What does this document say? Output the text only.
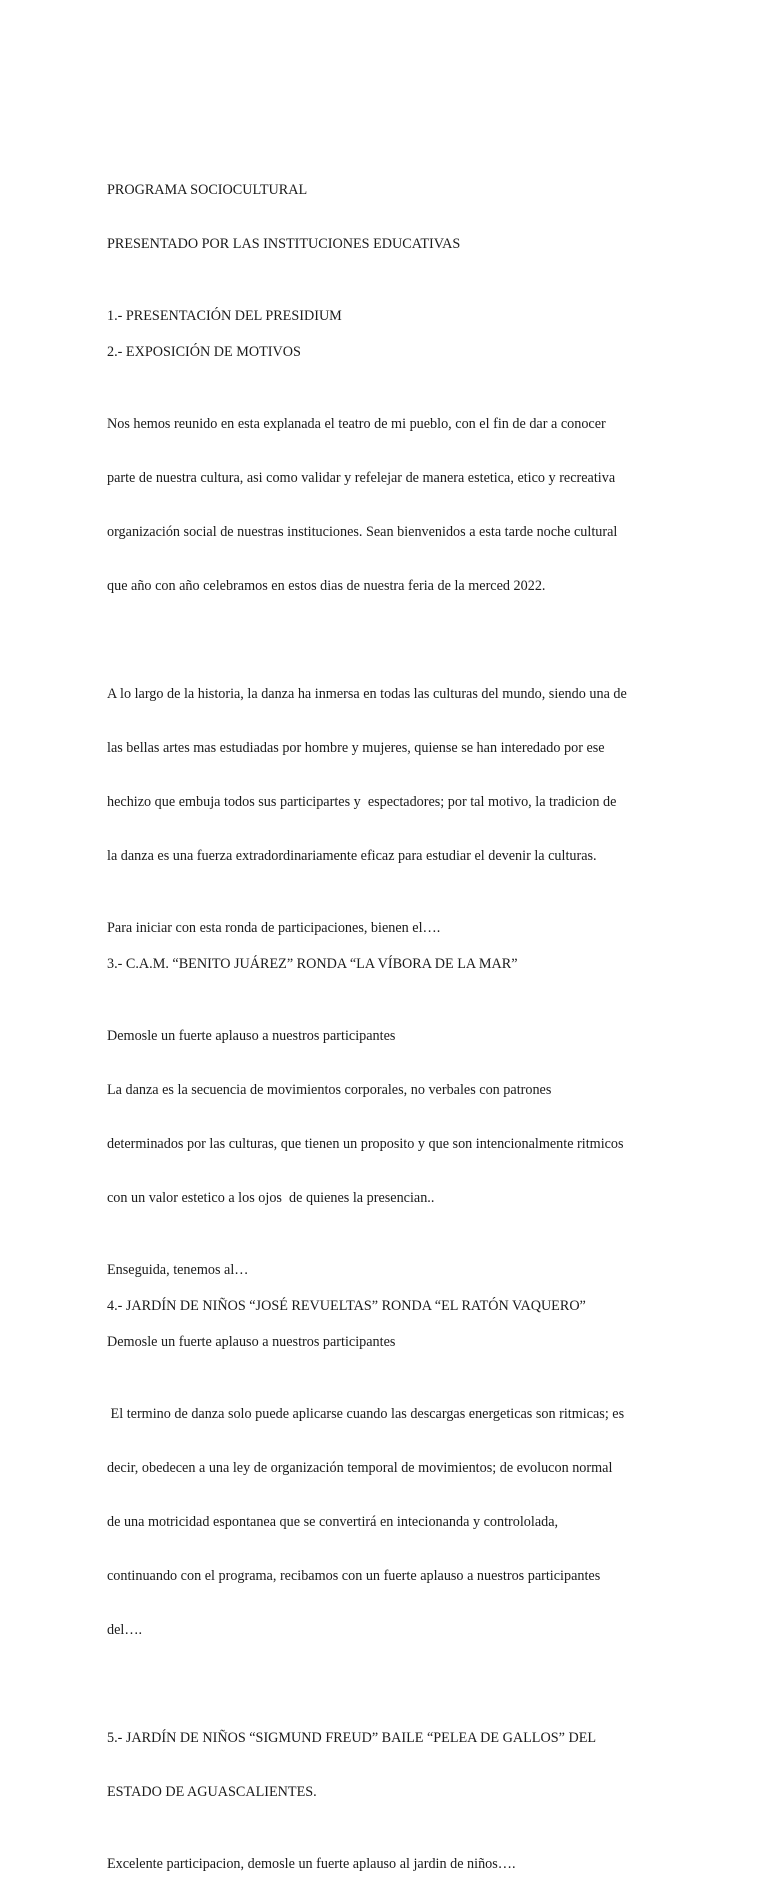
PROGRAMA SOCIOCULTURAL

PRESENTADO POR LAS INSTITUCIONES EDUCATIVAS

1.- PRESENTACIÓN DEL PRESIDIUM

2.- EXPOSICIÓN DE MOTIVOS

Nos hemos reunido en esta explanada el teatro de mi pueblo, con el fin de dar a conocer

parte de nuestra cultura, asi como validar y refelejar de manera estetica, etico y recreativa

organización social de nuestras instituciones. Sean bienvenidos a esta tarde noche cultural

que año con año celebramos en estos dias de nuestra feria de la merced 2022.

A lo largo de la historia, la danza ha inmersa en todas las culturas del mundo, siendo una de

las bellas artes mas estudiadas por hombre y mujeres, quiense se han interedado por ese

hechizo que embuja todos sus participartes y  espectadores; por tal motivo, la tradicion de

la danza es una fuerza extradordinariamente eficaz para estudiar el devenir la culturas.

Para iniciar con esta ronda de participaciones, bienen el….

3.- C.A.M. “BENITO JUÁREZ” RONDA “LA VÍBORA DE LA MAR”

Demosle un fuerte aplauso a nuestros participantes

La danza es la secuencia de movimientos corporales, no verbales con patrones

determinados por las culturas, que tienen un proposito y que son intencionalmente ritmicos

con un valor estetico a los ojos  de quienes la presencian..

Enseguida, tenemos al…

4.- JARDÍN DE NIÑOS “JOSÉ REVUELTAS” RONDA “EL RATÓN VAQUERO”

Demosle un fuerte aplauso a nuestros participantes

El termino de danza solo puede aplicarse cuando las descargas energeticas son ritmicas; es

decir, obedecen a una ley de organización temporal de movimientos; de evolucon normal

de una motricidad espontanea que se convertirá en intecionanda y contrololada,

continuando con el programa, recibamos con un fuerte aplauso a nuestros participantes

del….

5.- JARDÍN DE NIÑOS “SIGMUND FREUD” BAILE “PELEA DE GALLOS” DEL

ESTADO DE AGUASCALIENTES.

Excelente participacion, demosle un fuerte aplauso al jardin de niños….
